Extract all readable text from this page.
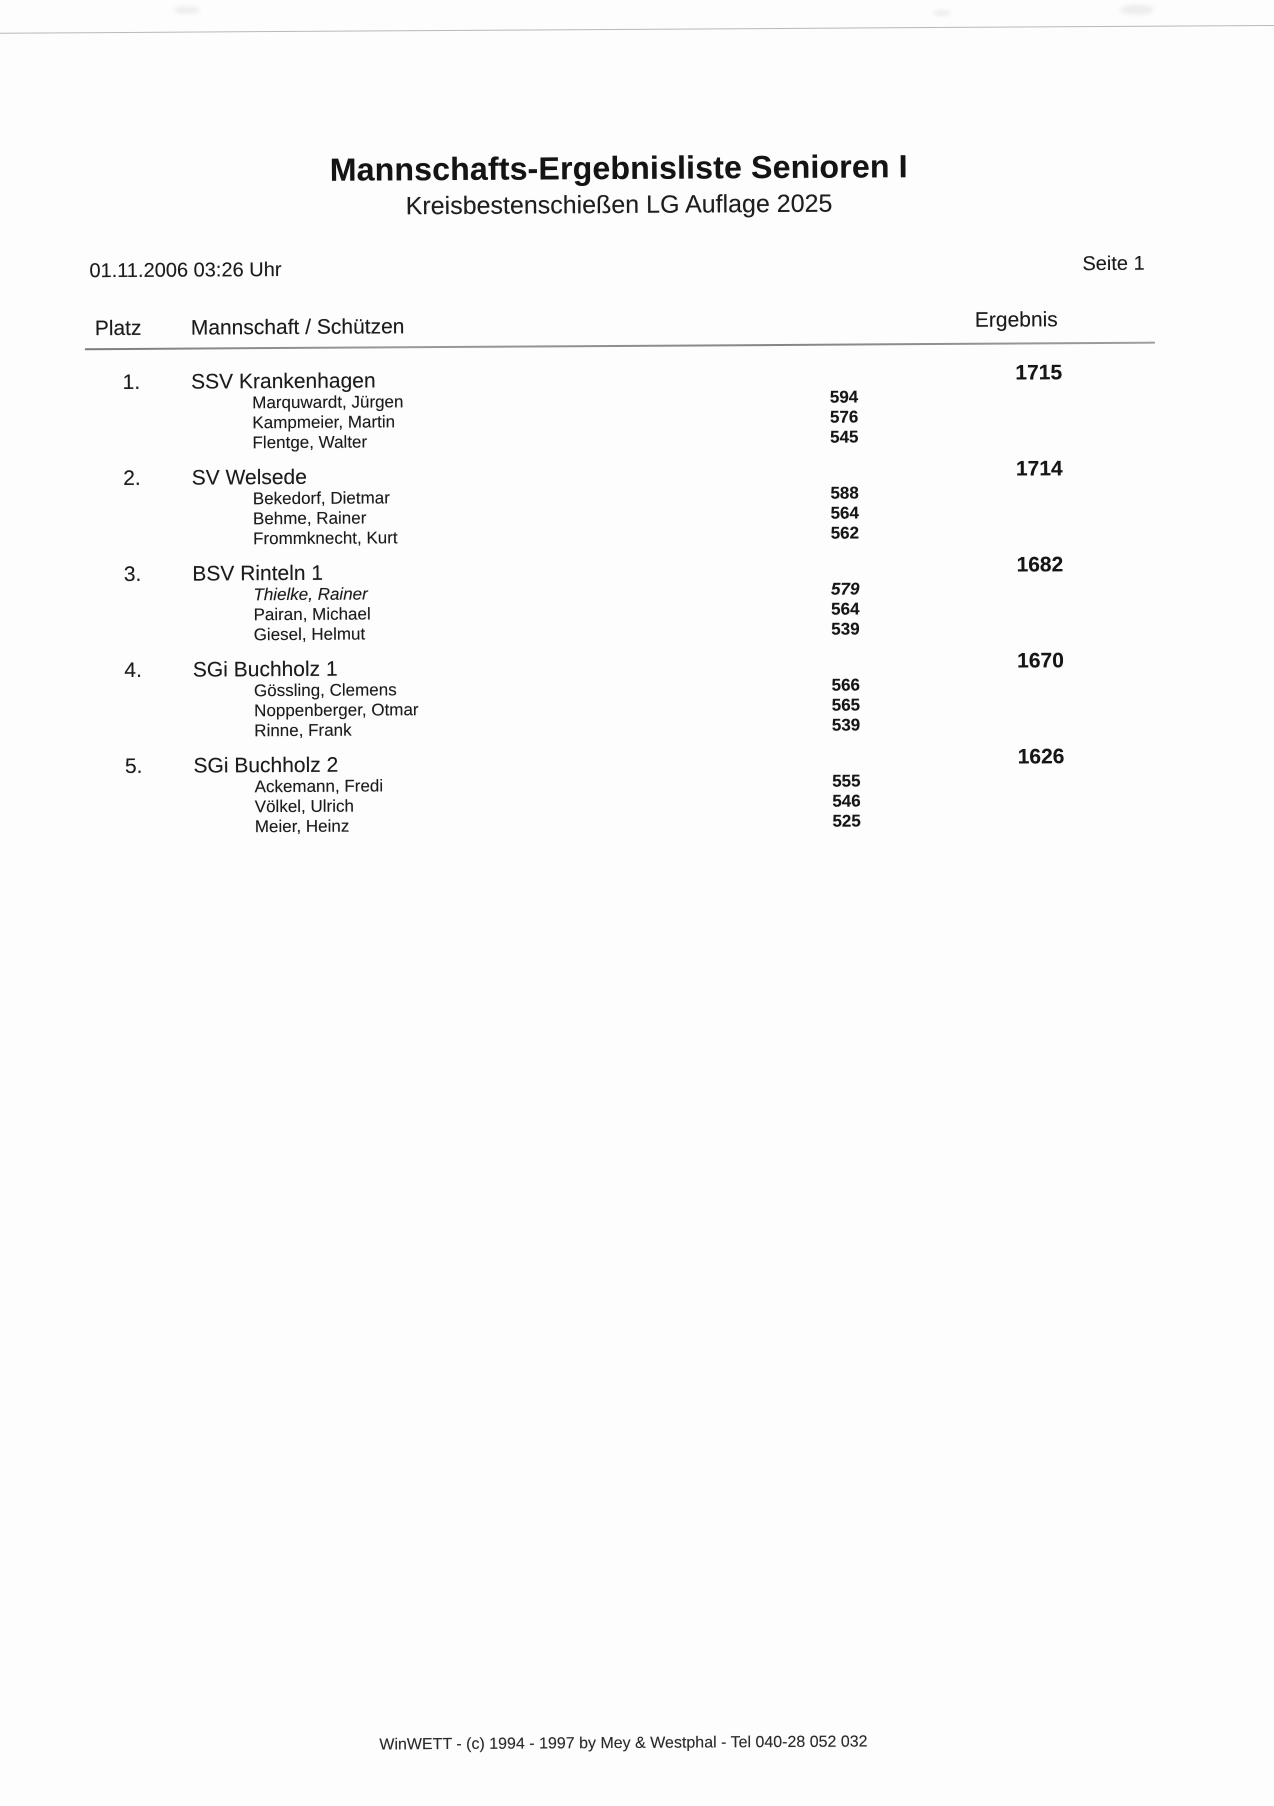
Mannschafts-Ergebnisliste Senioren I
Kreisbestenschießen LG Auflage 2025
01.11.2006 03:26 Uhr	Seite 1
Platz Mannschaft / Schützen	Ergebnis
1. SSV Krankenhagen	1715
Marquwardt, Jürgen	594
Kampmeier, Martin	576
Flentge, Walter	545
2. SV Welsede	1714
Bekedorf, Dietmar	588
Behme, Rainer	564
Frommknecht, Kurt	562
3. BSV Rinteln 1	1682
Thielke, Rainer	579
Pairan, Michael	564
Giesel, Helmut	539
4. SGi Buchholz 1	1670
Gössling, Clemens	566
Noppenberger, Otmar	565
Rinne, Frank	539
5. SGi Buchholz 2	1626
Ackemann, Fredi	555
Völkel, Ulrich	546
Meier, Heinz	525
WinWETT - (c) 1994 - 1997 by Mey & Westphal - Tel 040-28 052 032
